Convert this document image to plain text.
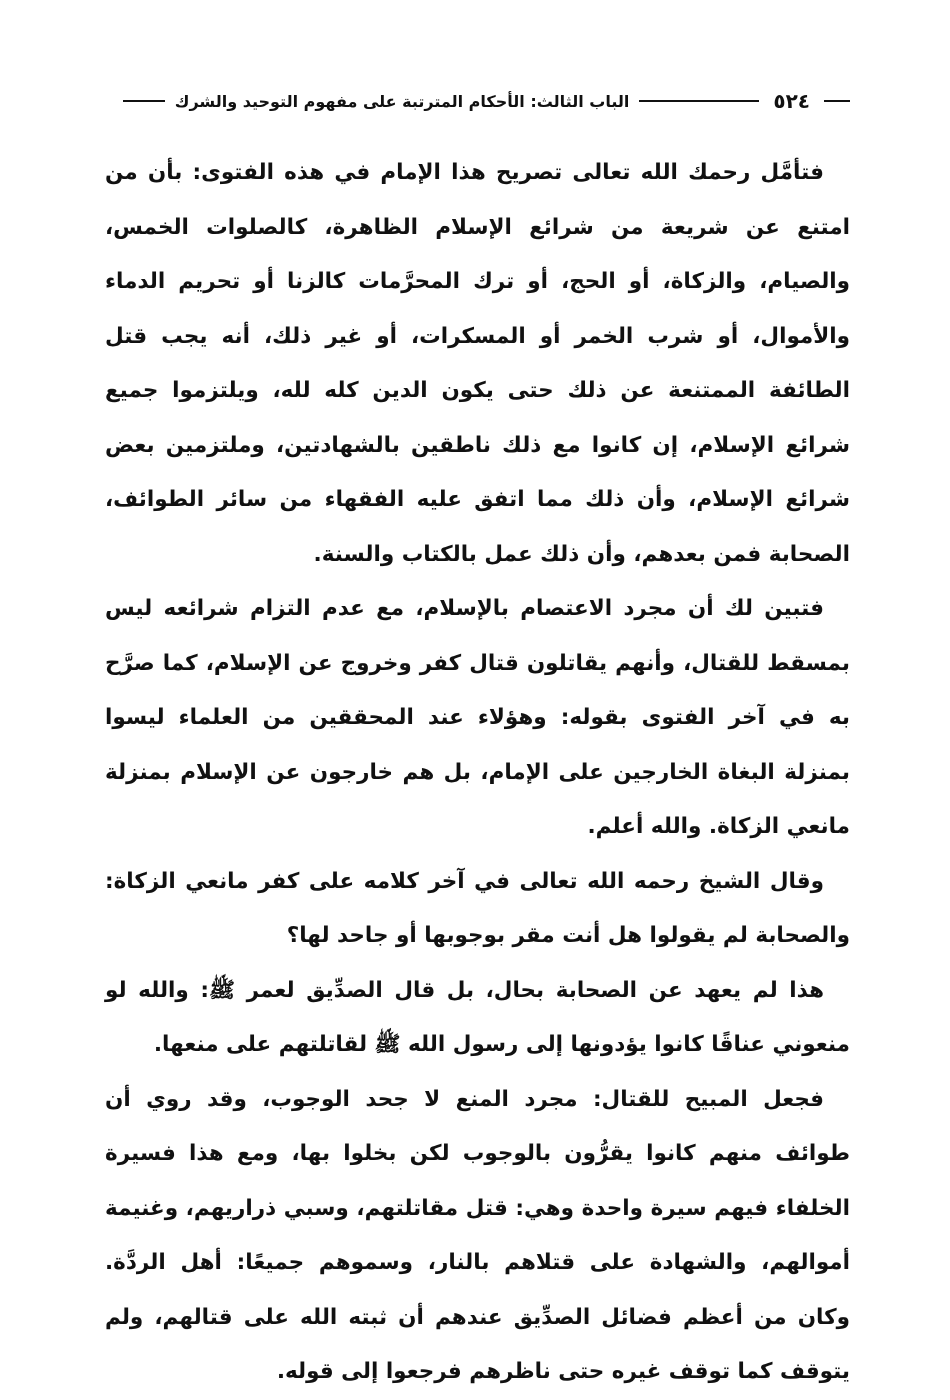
٥٢٤
الباب الثالث: الأحكام المترتبة على مفهوم التوحيد والشرك

فتأمَّل رحمك الله تعالى تصريح هذا الإمام في هذه الفتوى: بأن من امتنع عن شريعة من شرائع الإسلام الظاهرة، كالصلوات الخمس، والصيام، والزكاة، أو الحج، أو ترك المحرَّمات كالزنا أو تحريم الدماء والأموال، أو شرب الخمر أو المسكرات، أو غير ذلك، أنه يجب قتل الطائفة الممتنعة عن ذلك حتى يكون الدين كله لله، ويلتزموا جميع شرائع الإسلام، إن كانوا مع ذلك ناطقين بالشهادتين، وملتزمين بعض شرائع الإسلام، وأن ذلك مما اتفق عليه الفقهاء من سائر الطوائف، الصحابة فمن بعدهم، وأن ذلك عمل بالكتاب والسنة.

فتبين لك أن مجرد الاعتصام بالإسلام، مع عدم التزام شرائعه ليس بمسقط للقتال، وأنهم يقاتلون قتال كفر وخروج عن الإسلام، كما صرَّح به في آخر الفتوى بقوله: وهؤلاء عند المحققين من العلماء ليسوا بمنزلة البغاة الخارجين على الإمام، بل هم خارجون عن الإسلام بمنزلة مانعي الزكاة. والله أعلم.

وقال الشيخ رحمه الله تعالى في آخر كلامه على كفر مانعي الزكاة: والصحابة لم يقولوا هل أنت مقر بوجوبها أو جاحد لها؟

هذا لم يعهد عن الصحابة بحال، بل قال الصدِّيق لعمر ﷺ: والله لو منعوني عناقًا كانوا يؤدونها إلى رسول الله ﷺ لقاتلتهم على منعها.

فجعل المبيح للقتال: مجرد المنع لا جحد الوجوب، وقد روي أن طوائف منهم كانوا يقرُّون بالوجوب لكن بخلوا بها، ومع هذا فسيرة الخلفاء فيهم سيرة واحدة وهي: قتل مقاتلتهم، وسبي ذراريهم، وغنيمة أموالهم، والشهادة على قتلاهم بالنار، وسموهم جميعًا: أهل الردَّة. وكان من أعظم فضائل الصدِّيق عندهم أن ثبته الله على قتالهم، ولم يتوقف كما توقف غيره حتى ناظرهم فرجعوا إلى قوله.
